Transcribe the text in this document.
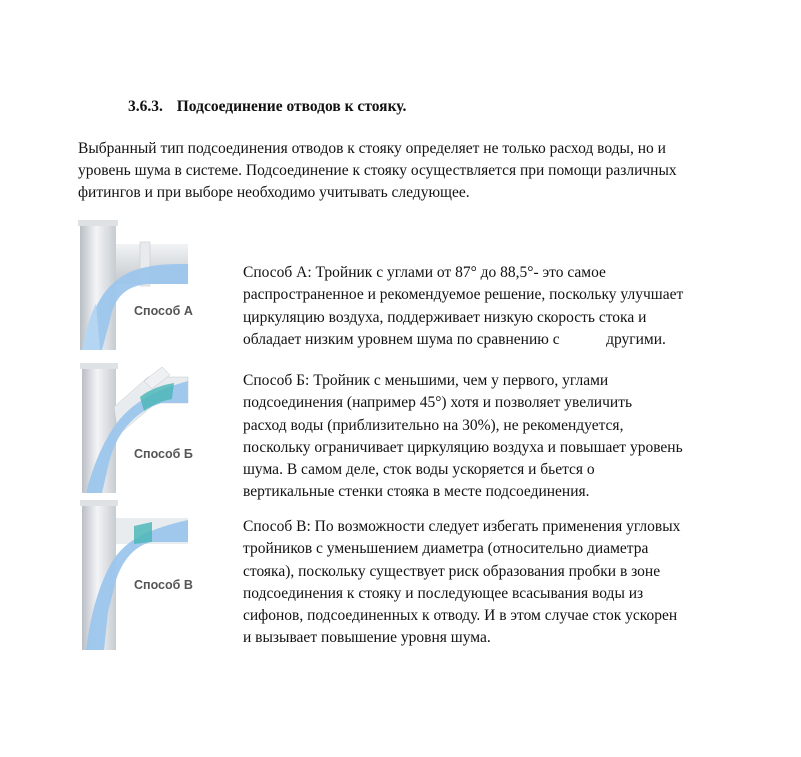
3.6.3. Подсоединение отводов к стояку.

Выбранный тип подсоединения отводов к стояку определяет не только расход воды, но и

уровень шума в системе. Подсоединение к стояку осуществляется при помощи различных

фитингов и при выборе необходимо учитывать следующее.

Способ А
Способ Б
Способ В

Способ А: Тройник с углами от 87° до 88,5°- это самое

распространенное и рекомендуемое решение, поскольку улучшает

циркуляцию воздуха, поддерживает низкую скорость стока и

обладает низким уровнем шума по сравнению с            другими.

Способ Б: Тройник с меньшими, чем у первого, углами

подсоединения (например 45°) хотя и позволяет увеличить

расход воды (приблизительно на 30%), не рекомендуется,

поскольку ограничивает циркуляцию воздуха и повышает уровень

шума. В самом деле, сток воды ускоряется и бьется о

вертикальные стенки стояка в месте подсоединения.

Способ В: По возможности следует избегать применения угловых

тройников с уменьшением диаметра (относительно диаметра

стояка), поскольку существует риск образования пробки в зоне

подсоединения к стояку и последующее всасывания воды из

сифонов, подсоединенных к отводу. И в этом случае сток ускорен

и вызывает повышение уровня шума.
